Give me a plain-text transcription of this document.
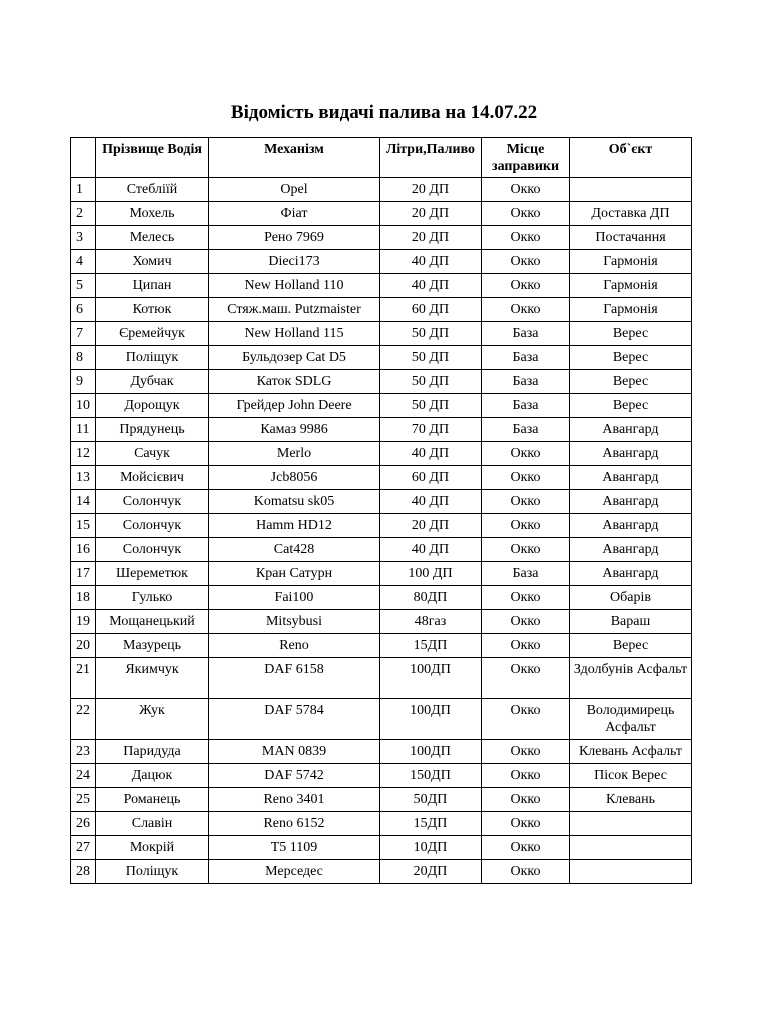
Відомість видачі палива на 14.07.22
	Прізвище Водія	Механізм	Літри,Паливо	Місце заправики	Об`єкт
1	Стебліїй	Opel	20 ДП	Окко	
2	Мохель	Фіат	20 ДП	Окко	Доставка ДП
3	Мелесь	Рено 7969	20 ДП	Окко	Постачання
4	Хомич	Dieci173	40 ДП	Окко	Гармонія
5	Ципан	New Holland 110	40 ДП	Окко	Гармонія
6	Котюк	Стяж.маш. Putzmaister	60 ДП	Окко	Гармонія
7	Єремейчук	New Holland 115	50 ДП	База	Верес
8	Поліщук	Бульдозер Cat D5	50 ДП	База	Верес
9	Дубчак	Каток SDLG	50 ДП	База	Верес
10	Дорощук	Грейдер John Deere	50 ДП	База	Верес
11	Прядунець	Камаз 9986	70 ДП	База	Авангард
12	Сачук	Merlo	40 ДП	Окко	Авангард
13	Мойсієвич	Jcb8056	60 ДП	Окко	Авангард
14	Солончук	Komatsu sk05	40 ДП	Окко	Авангард
15	Солончук	Hamm HD12	20 ДП	Окко	Авангард
16	Солончук	Cat428	40 ДП	Окко	Авангард
17	Шереметюк	Кран Сатурн	100 ДП	База	Авангард
18	Гулько	Fai100	80ДП	Окко	Обарів
19	Мощанецький	Mitsybusi	48газ	Окко	Вараш
20	Мазурець	Reno	15ДП	Окко	Верес
21	Якимчук	DAF 6158	100ДП	Окко	Здолбунів Асфальт
22	Жук	DAF 5784	100ДП	Окко	Володимирець Асфальт
23	Паридуда	MAN 0839	100ДП	Окко	Клевань Асфальт
24	Дацюк	DAF 5742	150ДП	Окко	Пісок Верес
25	Романець	Reno 3401	50ДП	Окко	Клевань
26	Славін	Reno 6152	15ДП	Окко	
27	Мокрій	T5 1109	10ДП	Окко	
28	Поліщук	Мерседес	20ДП	Окко	
